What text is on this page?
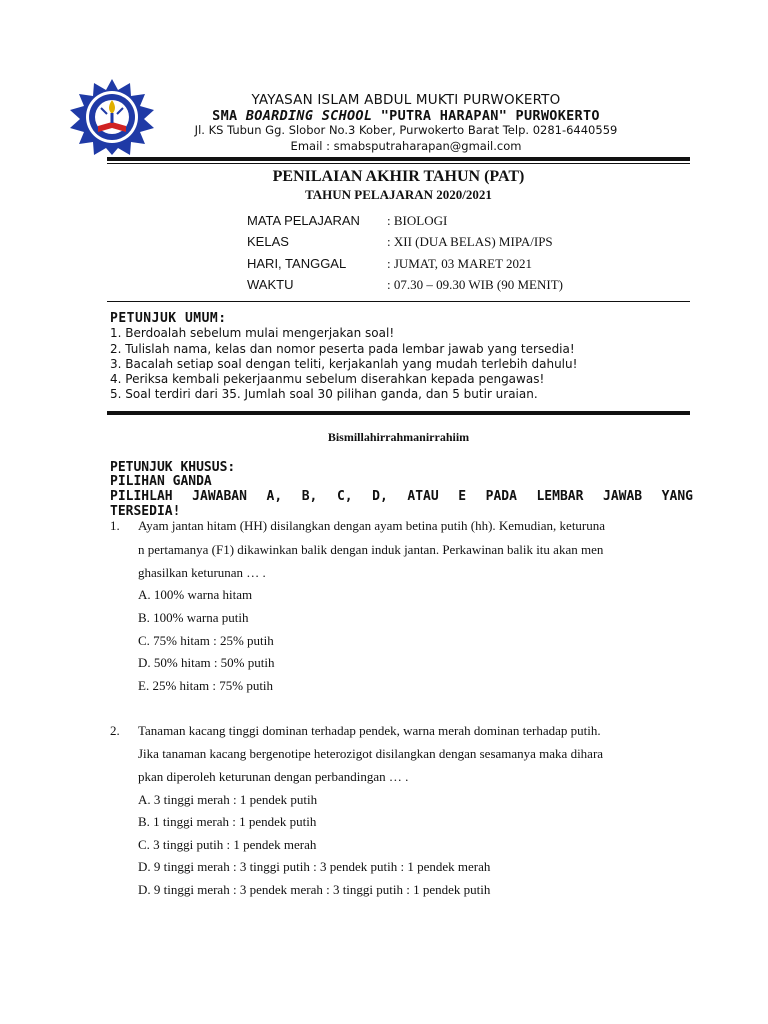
YAYASAN ISLAM ABDUL MUKTI PURWOKERTO
SMA BOARDING SCHOOL "PUTRA HARAPAN" PURWOKERTO
Jl. KS Tubun Gg. Slobor No.3 Kober, Purwokerto Barat Telp. 0281-6440559
Email : smabsputraharapan@gmail.com
PENILAIAN AKHIR TAHUN (PAT)
TAHUN PELAJARAN 2020/2021
MATA PELAJARAN : BIOLOGI
KELAS	: XII (DUA BELAS) MIPA/IPS
HARI, TANGGAL	: JUMAT, 03 MARET 2021
WAKTU	: 07.30 – 09.30 WIB (90 MENIT)
PETUNJUK UMUM:
1. Berdoalah sebelum mulai mengerjakan soal!
2. Tulislah nama, kelas dan nomor peserta pada lembar jawab yang tersedia!
3. Bacalah setiap soal dengan teliti, kerjakanlah yang mudah terlebih dahulu!
4. Periksa kembali pekerjaanmu sebelum diserahkan kepada pengawas!
5. Soal terdiri dari 35. Jumlah soal 30 pilihan ganda, dan 5 butir uraian.
Bismillahirrahmanirrahiim
PETUNJUK KHUSUS:
PILIHAN GANDA
PILIHLAH JAWABAN A, B, C, D, ATAU E PADA LEMBAR JAWAB YANG
TERSEDIA!
1. Ayam jantan hitam (HH) disilangkan dengan ayam betina putih (hh). Kemudian, keturuna
n pertamanya (F1) dikawinkan balik dengan induk jantan. Perkawinan balik itu akan men
ghasilkan keturunan … .
A. 100% warna hitam
B. 100% warna putih
C. 75% hitam : 25% putih
D. 50% hitam : 50% putih
E. 25% hitam : 75% putih
2. Tanaman kacang tinggi dominan terhadap pendek, warna merah dominan terhadap putih.
Jika tanaman kacang bergenotipe heterozigot disilangkan dengan sesamanya maka dihara
pkan diperoleh keturunan dengan perbandingan … .
A. 3 tinggi merah : 1 pendek putih
B. 1 tinggi merah : 1 pendek putih
C. 3 tinggi putih : 1 pendek merah
D. 9 tinggi merah : 3 tinggi putih : 3 pendek putih : 1 pendek merah
D. 9 tinggi merah : 3 pendek merah : 3 tinggi putih : 1 pendek putih
